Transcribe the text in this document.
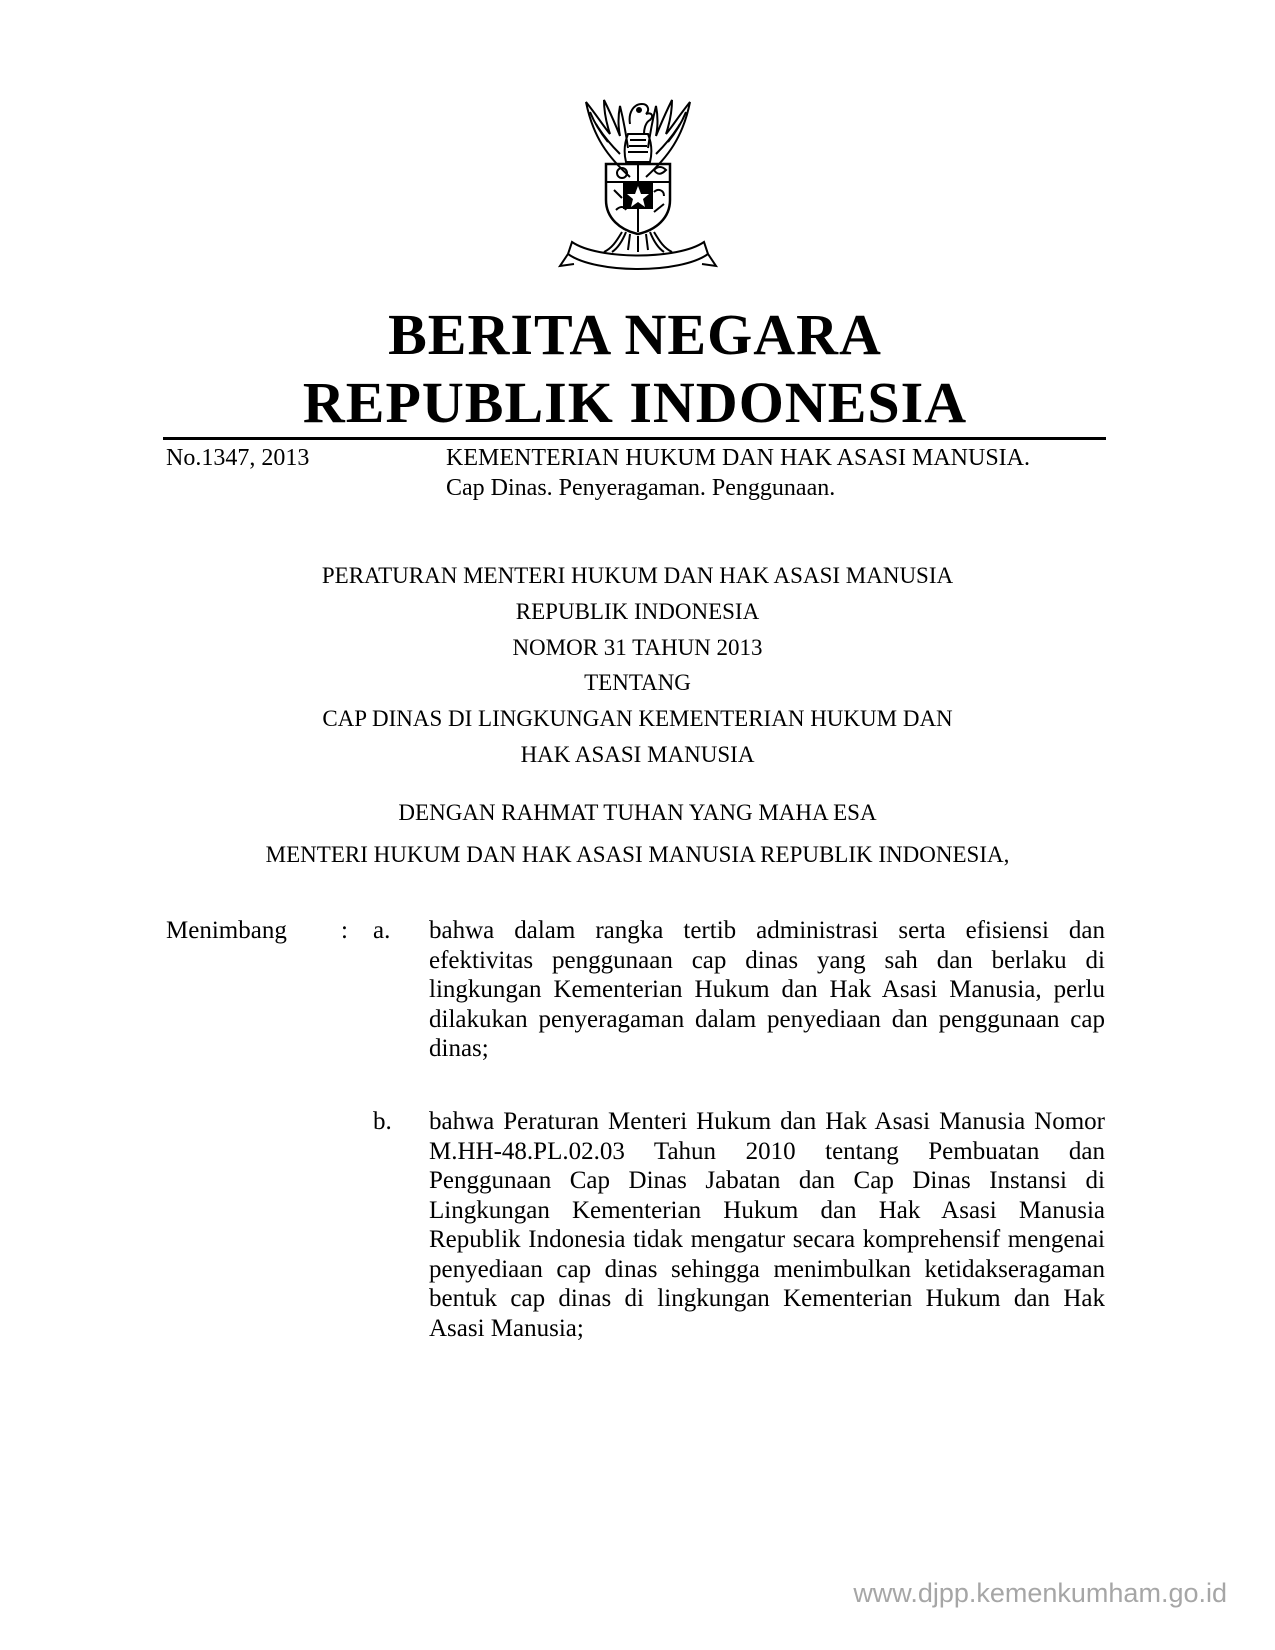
BERITA NEGARA
REPUBLIK INDONESIA
No.1347, 2013	KEMENTERIAN HUKUM DAN HAK ASASI MANUSIA.
Cap Dinas. Penyeragaman. Penggunaan.
PERATURAN MENTERI HUKUM DAN HAK ASASI MANUSIA
REPUBLIK INDONESIA
NOMOR 31 TAHUN 2013
TENTANG
CAP DINAS DI LINGKUNGAN KEMENTERIAN HUKUM DAN
HAK ASASI MANUSIA
DENGAN RAHMAT TUHAN YANG MAHA ESA
MENTERI HUKUM DAN HAK ASASI MANUSIA REPUBLIK INDONESIA,
Menimbang : a. bahwa dalam rangka tertib administrasi serta efisiensi dan efektivitas penggunaan cap dinas yang sah dan berlaku di lingkungan Kementerian Hukum dan Hak Asasi Manusia, perlu dilakukan penyeragaman dalam penyediaan dan penggunaan cap dinas;
b. bahwa Peraturan Menteri Hukum dan Hak Asasi Manusia Nomor M.HH-48.PL.02.03 Tahun 2010 tentang Pembuatan dan Penggunaan Cap Dinas Jabatan dan Cap Dinas Instansi di Lingkungan Kementerian Hukum dan Hak Asasi Manusia Republik Indonesia tidak mengatur secara komprehensif mengenai penyediaan cap dinas sehingga menimbulkan ketidakseragaman bentuk cap dinas di lingkungan Kementerian Hukum dan Hak Asasi Manusia;
www.djpp.kemenkumham.go.id
